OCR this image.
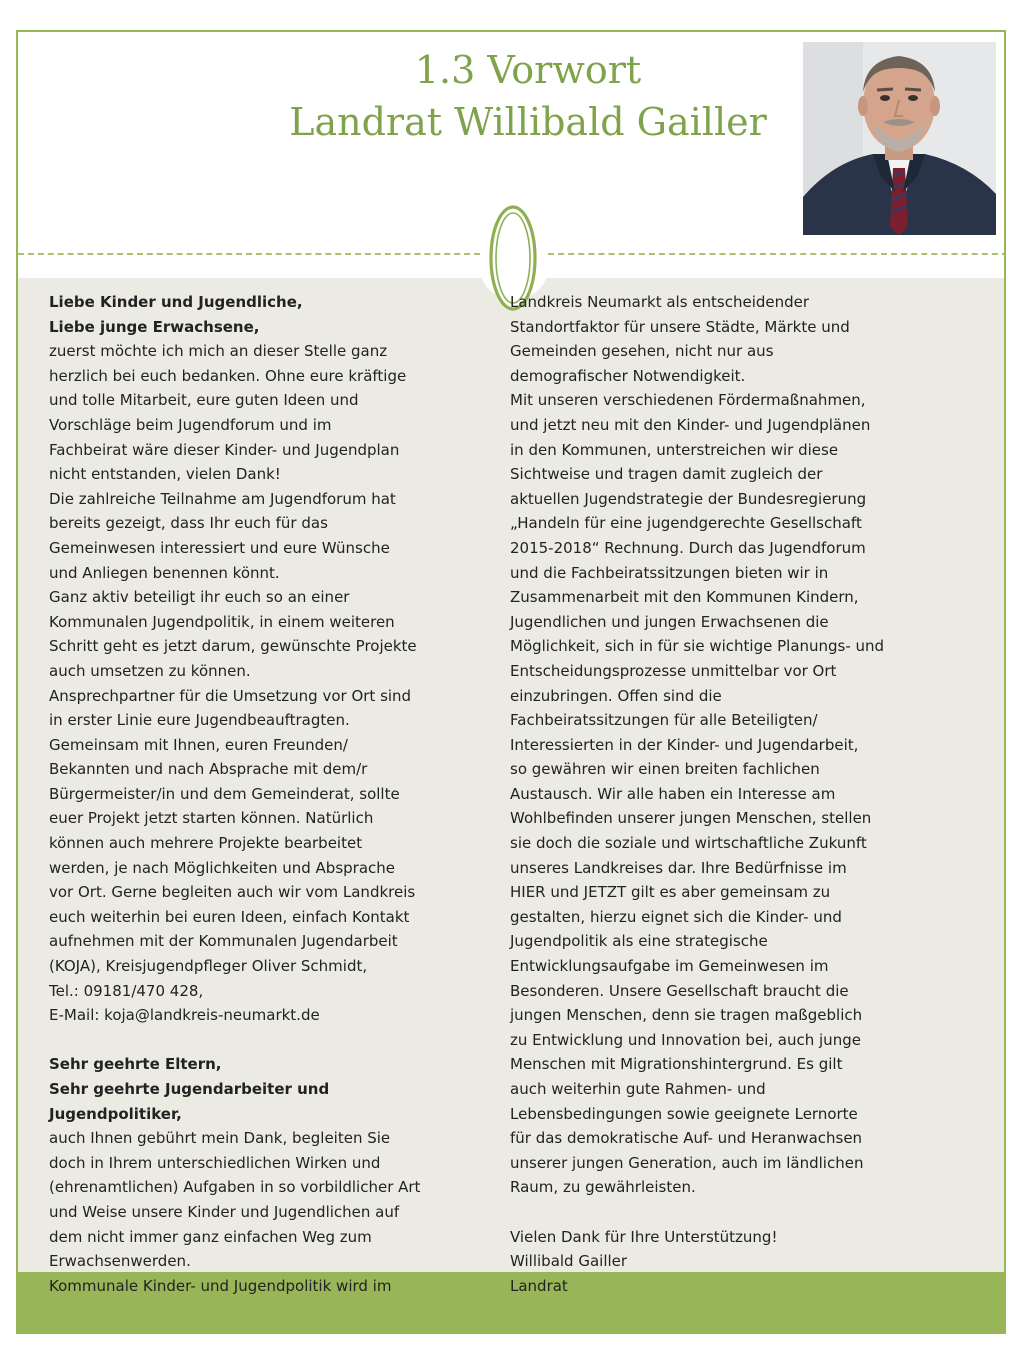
1.3 Vorwort
Landrat Willibald Gailler

Liebe Kinder und Jugendliche,

Liebe junge Erwachsene,

zuerst möchte ich mich an dieser Stelle ganz

herzlich bei euch bedanken. Ohne eure kräftige

und tolle Mitarbeit, eure guten Ideen und

Vorschläge beim Jugendforum und im

Fachbeirat wäre dieser Kinder- und Jugendplan

nicht entstanden, vielen Dank!

Die zahlreiche Teilnahme am Jugendforum hat

bereits gezeigt, dass Ihr euch für das

Gemeinwesen interessiert und eure Wünsche

und Anliegen benennen könnt.

Ganz aktiv beteiligt ihr euch so an einer

Kommunalen Jugendpolitik, in einem weiteren

Schritt geht es jetzt darum, gewünschte Projekte

auch umsetzen zu können.

Ansprechpartner für die Umsetzung vor Ort sind

in erster Linie eure Jugendbeauftragten.

Gemeinsam mit Ihnen, euren Freunden/

Bekannten und nach Absprache mit dem/r

Bürgermeister/in und dem Gemeinderat, sollte

euer Projekt jetzt starten können. Natürlich

können auch mehrere Projekte bearbeitet

werden, je nach Möglichkeiten und Absprache

vor Ort. Gerne begleiten auch wir vom Landkreis

euch weiterhin bei euren Ideen, einfach Kontakt

aufnehmen mit der Kommunalen Jugendarbeit

(KOJA), Kreisjugendpfleger Oliver Schmidt,

Tel.: 09181/470 428,

E-Mail: koja@landkreis-neumarkt.de

Sehr geehrte Eltern,

Sehr geehrte Jugendarbeiter und

Jugendpolitiker,

auch Ihnen gebührt mein Dank, begleiten Sie

doch in Ihrem unterschiedlichen Wirken und

(ehrenamtlichen) Aufgaben in so vorbildlicher Art

und Weise unsere Kinder und Jugendlichen auf

dem nicht immer ganz einfachen Weg zum

Erwachsenwerden.

Kommunale Kinder- und Jugendpolitik wird im

Landkreis Neumarkt als entscheidender

Standortfaktor für unsere Städte, Märkte und

Gemeinden gesehen, nicht nur aus

demografischer Notwendigkeit.

Mit unseren verschiedenen Fördermaßnahmen,

und jetzt neu mit den Kinder- und Jugendplänen

in den Kommunen, unterstreichen wir diese

Sichtweise und tragen damit zugleich der

aktuellen Jugendstrategie der Bundesregierung

„Handeln für eine jugendgerechte Gesellschaft

2015-2018“ Rechnung. Durch das Jugendforum

und die Fachbeiratssitzungen bieten wir in

Zusammenarbeit mit den Kommunen Kindern,

Jugendlichen und jungen Erwachsenen die

Möglichkeit, sich in für sie wichtige Planungs- und

Entscheidungsprozesse unmittelbar vor Ort

einzubringen. Offen sind die

Fachbeiratssitzungen für alle Beteiligten/

Interessierten in der Kinder- und Jugendarbeit,

so gewähren wir einen breiten fachlichen

Austausch. Wir alle haben ein Interesse am

Wohlbefinden unserer jungen Menschen, stellen

sie doch die soziale und wirtschaftliche Zukunft

unseres Landkreises dar. Ihre Bedürfnisse im

HIER und JETZT gilt es aber gemeinsam zu

gestalten, hierzu eignet sich die Kinder- und

Jugendpolitik als eine strategische

Entwicklungsaufgabe im Gemeinwesen im

Besonderen. Unsere Gesellschaft braucht die

jungen Menschen, denn sie tragen maßgeblich

zu Entwicklung und Innovation bei, auch junge

Menschen mit Migrationshintergrund. Es gilt

auch weiterhin gute Rahmen- und

Lebensbedingungen sowie geeignete Lernorte

für das demokratische Auf- und Heranwachsen

unserer jungen Generation, auch im ländlichen

Raum, zu gewährleisten.

Vielen Dank für Ihre Unterstützung!

Willibald Gailler

Landrat
